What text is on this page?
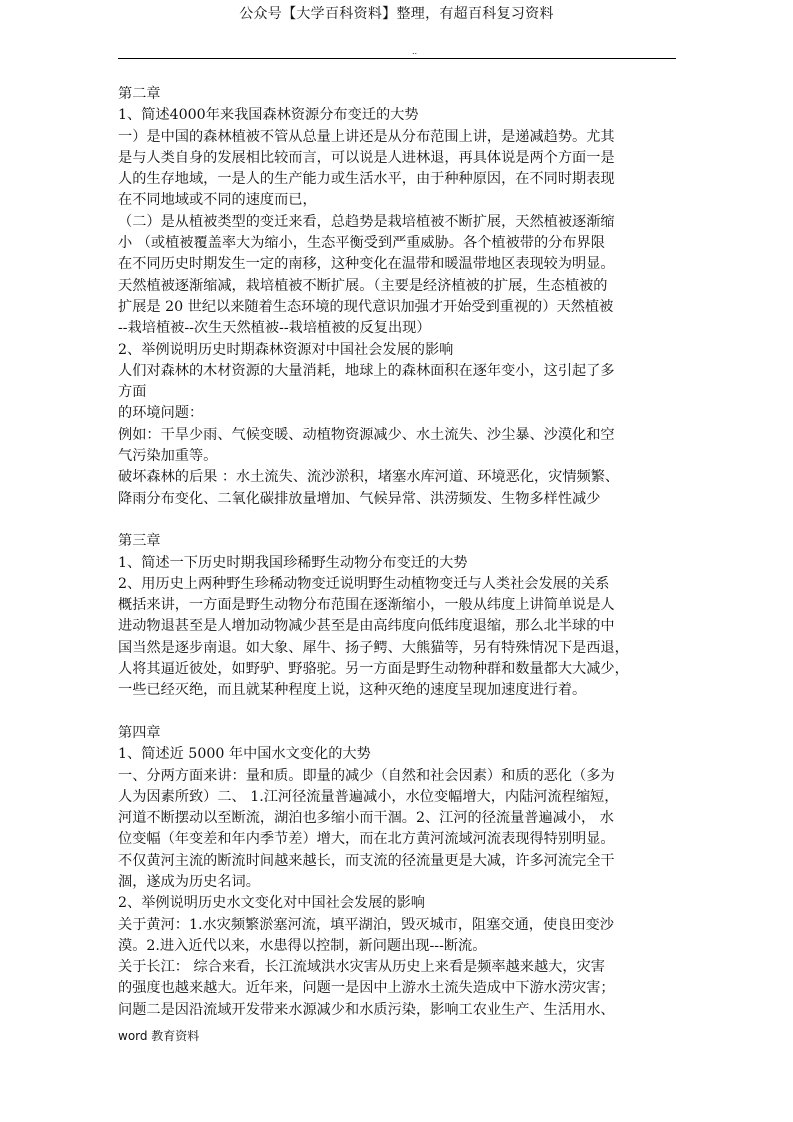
公众号【大学百科资料】整理，有超百科复习资料
..
第二章
1、简述4000年来我国森林资源分布变迁的大势
一）是中国的森林植被不管从总量上讲还是从分布范围上讲，是递减趋势。尤其
是与人类自身的发展相比较而言，可以说是人进林退，再具体说是两个方面一是
人的生存地域，一是人的生产能力或生活水平，由于种种原因，在不同时期表现
在不同地域或不同的速度而已，
（二）是从植被类型的变迁来看，总趋势是栽培植被不断扩展，天然植被逐渐缩
小 （或植被覆盖率大为缩小，生态平衡受到严重威胁。各个植被带的分布界限
在不同历史时期发生一定的南移，这种变化在温带和暖温带地区表现较为明显。
天然植被逐渐缩减，栽培植被不断扩展。（主要是经济植被的扩展，生态植被的
扩展是 20 世纪以来随着生态环境的现代意识加强才开始受到重视的）天然植被
--栽培植被--次生天然植被--栽培植被的反复出现）
2、举例说明历史时期森林资源对中国社会发展的影响
人们对森林的木材资源的大量消耗，地球上的森林面积在逐年变小，这引起了多
方面
的环境问题：
例如：干旱少雨、气候变暖、动植物资源减少、水土流失、沙尘暴、沙漠化和空
气污染加重等。
破坏森林的后果 ：水土流失、流沙淤积，堵塞水库河道、环境恶化，灾情频繁、
降雨分布变化、二氧化碳排放量增加、气候异常、洪涝频发、生物多样性减少
第三章
1、简述一下历史时期我国珍稀野生动物分布变迁的大势
2、用历史上两种野生珍稀动物变迁说明野生动植物变迁与人类社会发展的关系
概括来讲，一方面是野生动物分布范围在逐渐缩小，一般从纬度上讲简单说是人
进动物退甚至是人增加动物减少甚至是由高纬度向低纬度退缩，那么北半球的中
国当然是逐步南退。如大象、犀牛、扬子鳄、大熊猫等，另有特殊情况下是西退，
人将其逼近彼处，如野驴、野骆驼。另一方面是野生动物种群和数量都大大减少，
一些已经灭绝，而且就某种程度上说，这种灭绝的速度呈现加速度进行着。
第四章
1、简述近 5000 年中国水文变化的大势
一、分两方面来讲：量和质。即量的减少（自然和社会因素）和质的恶化（多为
人为因素所致）二、 1.江河径流量普遍减小，水位变幅增大，内陆河流程缩短，
河道不断摆动以至断流，湖泊也多缩小而干涸。2、江河的径流量普遍减小， 水
位变幅（年变差和年内季节差）增大，而在北方黄河流域河流表现得特别明显。
不仅黄河主流的断流时间越来越长，而支流的径流量更是大减，许多河流完全干
涸，遂成为历史名词。
2、举例说明历史水文变化对中国社会发展的影响
关于黄河：1.水灾频繁淤塞河流，填平湖泊，毁灭城市，阻塞交通，使良田变沙
漠。2.进入近代以来，水患得以控制，新问题出现---断流。
关于长江： 综合来看，长江流域洪水灾害从历史上来看是频率越来越大，灾害
的强度也越来越大。近年来，问题一是因中上游水土流失造成中下游水涝灾害；
问题二是因沿流域开发带来水源减少和水质污染，影响工农业生产、生活用水、
word 教育资料
